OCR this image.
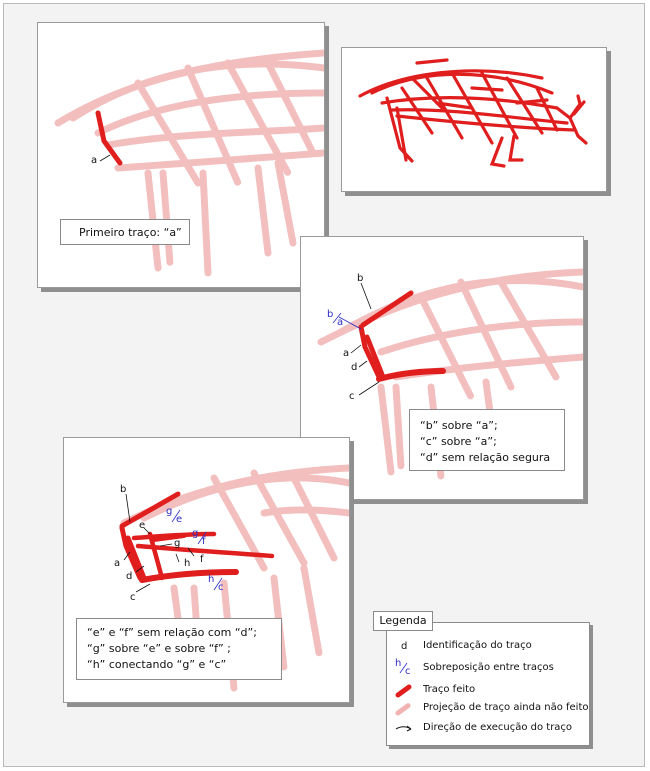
a
Primeiro traço: “a”
b
a
d
c
b
a
“b” sobre “a”;
“c” sobre “a”;
“d” sem relação segura
b
e
g
a	f
h
d
c
g
e
g
f
h
c
“e” e “f” sem relação com “d”;
“g” sobre “e” e sobre “f” ;
“h” conectando “g” e “c”
d Identificação do traço
h
c Sobreposição entre traços
Traço feito
Projeção de traço ainda não feito
Direção de execução do traço
Legenda
